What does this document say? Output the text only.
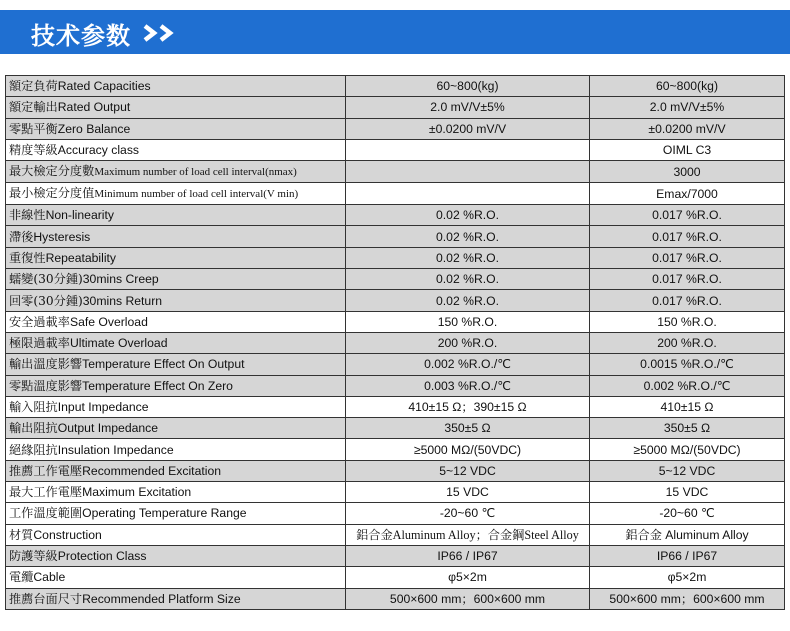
技术参数
額定負荷Rated Capacities	60~800(kg)	60~800(kg)
額定輸出Rated Output	2.0 mV/V±5%	2.0 mV/V±5%
零點平衡Zero Balance	±0.0200 mV/V	±0.0200 mV/V
精度等級Accuracy class		OIML C3
最大檢定分度數Maximum number of load cell interval(nmax)		3000
最小檢定分度值Minimum number of load cell interval(V min)		Emax/7000
非線性Non-linearity	0.02 %R.O.	0.017 %R.O.
滯後Hysteresis	0.02 %R.O.	0.017 %R.O.
重復性Repeatability	0.02 %R.O.	0.017 %R.O.
蠕變(30分鍾)30mins Creep	0.02 %R.O.	0.017 %R.O.
回零(30分鍾)30mins Return	0.02 %R.O.	0.017 %R.O.
安全過載率Safe Overload	150 %R.O.	150 %R.O.
極限過載率Ultimate Overload	200 %R.O.	200 %R.O.
輸出溫度影響Temperature Effect On Output	0.002 %R.O./℃	0.0015 %R.O./℃
零點溫度影響Temperature Effect On Zero	0.003 %R.O./℃	0.002 %R.O./℃
輸入阻抗Input Impedance	410±15 Ω；390±15 Ω	410±15 Ω
輸出阻抗Output Impedance	350±5 Ω	350±5 Ω
絕緣阻抗Insulation Impedance	≥5000 MΩ/(50VDC)	≥5000 MΩ/(50VDC)
推薦工作電壓Recommended Excitation	5~12 VDC	5~12 VDC
最大工作電壓Maximum Excitation	15 VDC	15 VDC
工作溫度範圍Operating Temperature Range	-20~60 ℃	-20~60 ℃
材質Construction	鋁合金Aluminum Alloy；合金鋼Steel Alloy	鋁合金 Aluminum Alloy
防護等級Protection Class	IP66 / IP67	IP66 / IP67
電纜Cable	φ5×2m	φ5×2m
推薦台面尺寸Recommended Platform Size	500×600 mm；600×600 mm	500×600 mm；600×600 mm
